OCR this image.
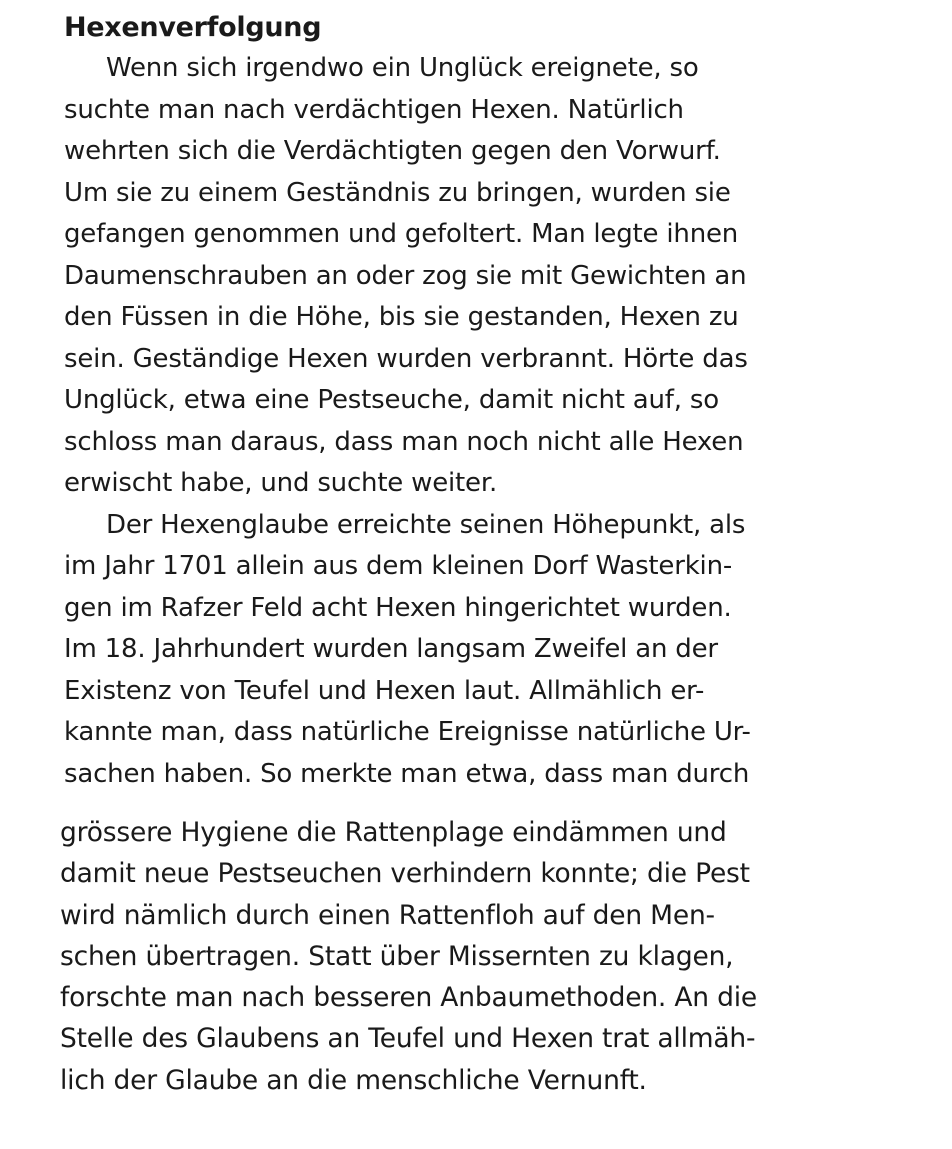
Hexenverfolgung
Wenn sich irgendwo ein Unglück ereignete, so
suchte man nach verdächtigen Hexen. Natürlich
wehrten sich die Verdächtigten gegen den Vorwurf.
Um sie zu einem Geständnis zu bringen, wurden sie
gefangen genommen und gefoltert. Man legte ihnen
Daumenschrauben an oder zog sie mit Gewichten an
den Füssen in die Höhe, bis sie gestanden, Hexen zu
sein. Geständige Hexen wurden verbrannt. Hörte das
Unglück, etwa eine Pestseuche, damit nicht auf, so
schloss man daraus, dass man noch nicht alle Hexen
erwischt habe, und suchte weiter.
Der Hexenglaube erreichte seinen Höhepunkt, als
im Jahr 1701 allein aus dem kleinen Dorf Wasterkin-
gen im Rafzer Feld acht Hexen hingerichtet wurden.
Im 18. Jahrhundert wurden langsam Zweifel an der
Existenz von Teufel und Hexen laut. Allmählich er-
kannte man, dass natürliche Ereignisse natürliche Ur-
sachen haben. So merkte man etwa, dass man durch
grössere Hygiene die Rattenplage eindämmen und
damit neue Pestseuchen verhindern konnte; die Pest
wird nämlich durch einen Rattenfloh auf den Men-
schen übertragen. Statt über Missernten zu klagen,
forschte man nach besseren Anbaumethoden. An die
Stelle des Glaubens an Teufel und Hexen trat allmäh-
lich der Glaube an die menschliche Vernunft.
